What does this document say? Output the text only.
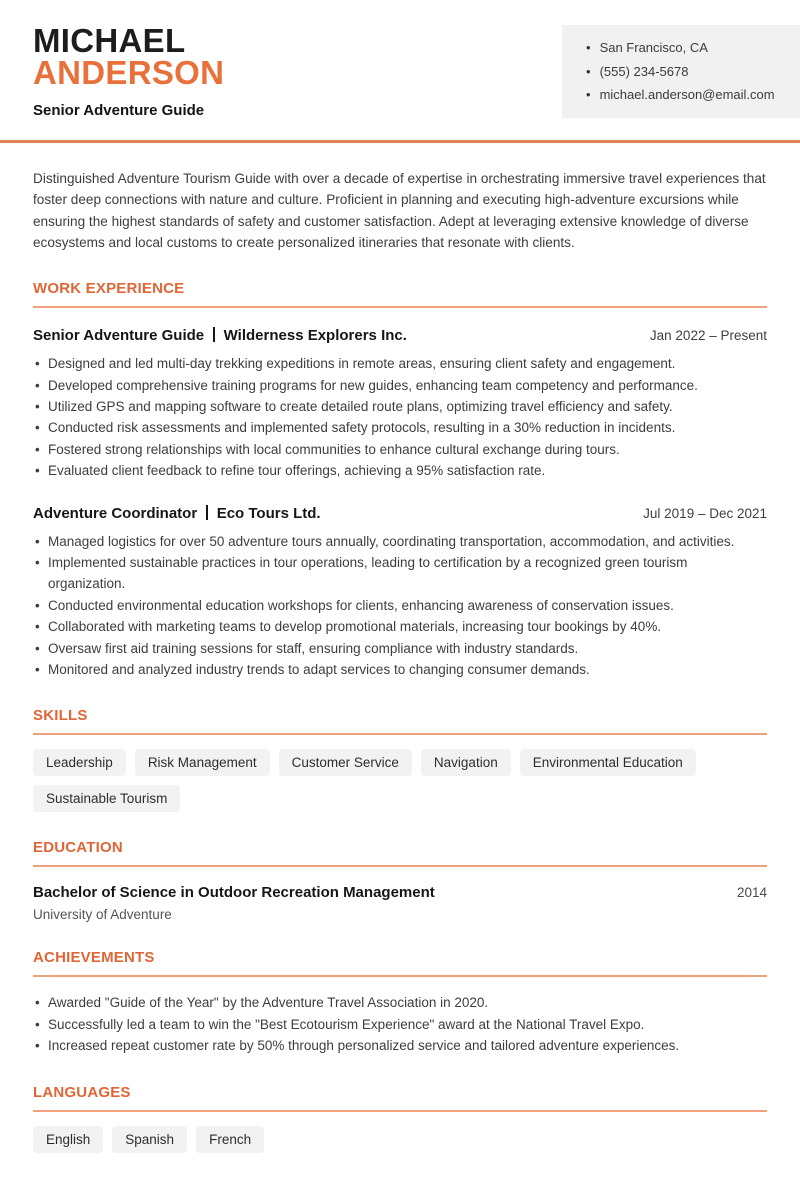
MICHAEL
ANDERSON
Senior Adventure Guide
• San Francisco, CA
• (555) 234-5678
• michael.anderson@email.com

Distinguished Adventure Tourism Guide with over a decade of expertise in orchestrating immersive travel experiences that foster deep connections with nature and culture. Proficient in planning and executing high-adventure excursions while ensuring the highest standards of safety and customer satisfaction. Adept at leveraging extensive knowledge of diverse ecosystems and local customs to create personalized itineraries that resonate with clients.

WORK EXPERIENCE
Senior Adventure Guide Wilderness Explorers Inc.	Jan 2022 – Present
• Designed and led multi-day trekking expeditions in remote areas, ensuring client safety and engagement.
• Developed comprehensive training programs for new guides, enhancing team competency and performance.
• Utilized GPS and mapping software to create detailed route plans, optimizing travel efficiency and safety.
• Conducted risk assessments and implemented safety protocols, resulting in a 30% reduction in incidents.
• Fostered strong relationships with local communities to enhance cultural exchange during tours.
• Evaluated client feedback to refine tour offerings, achieving a 95% satisfaction rate.
Adventure Coordinator Eco Tours Ltd.	Jul 2019 – Dec 2021
• Managed logistics for over 50 adventure tours annually, coordinating transportation, accommodation, and activities.
• Implemented sustainable practices in tour operations, leading to certification by a recognized green tourism organization.
• Conducted environmental education workshops for clients, enhancing awareness of conservation issues.
• Collaborated with marketing teams to develop promotional materials, increasing tour bookings by 40%.
• Oversaw first aid training sessions for staff, ensuring compliance with industry standards.
• Monitored and analyzed industry trends to adapt services to changing consumer demands.
SKILLS
Leadership	Risk Management	Customer Service	Navigation	Environmental Education
Sustainable Tourism
EDUCATION
Bachelor of Science in Outdoor Recreation Management	2014
University of Adventure
ACHIEVEMENTS
• Awarded "Guide of the Year" by the Adventure Travel Association in 2020.
• Successfully led a team to win the "Best Ecotourism Experience" award at the National Travel Expo.
• Increased repeat customer rate by 50% through personalized service and tailored adventure experiences.
LANGUAGES
English	Spanish	French
